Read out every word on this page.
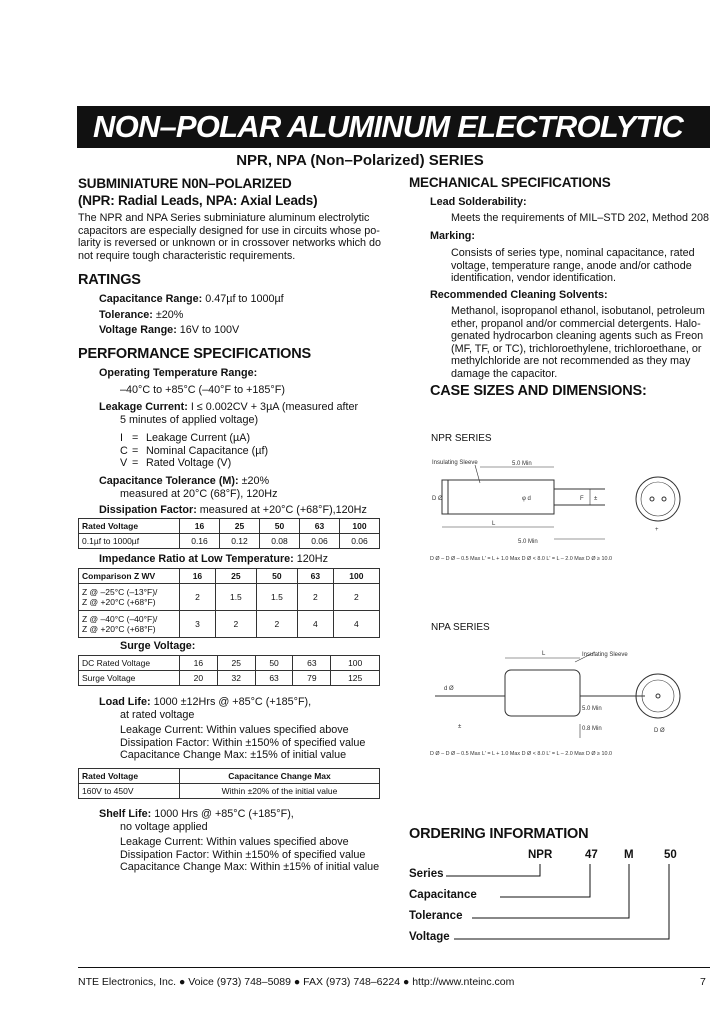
NON–POLAR ALUMINUM ELECTROLYTIC
NPR, NPA (Non–Polarized) SERIES
SUBMINIATURE N0N–POLARIZED
(NPR: Radial Leads, NPA: Axial Leads)
The NPR and NPA Series subminiature aluminum electrolytic
capacitors are especially designed for use in circuits whose po-
larity is reversed or unknown or in crossover networks which do
not require tough characteristic requirements.
RATINGS
Capacitance Range: 0.47µf to 1000µf
Tolerance: ±20%
Voltage Range: 16V to 100V
PERFORMANCE SPECIFICATIONS
Operating Temperature Range:
–40°C to +85°C (–40°F to +185°F)
Leakage Current: I ≤ 0.002CV + 3µA (measured after
5 minutes of applied voltage)
I = Leakage Current (µA)
C = Nominal Capacitance (µf)
V = Rated Voltage (V)
Capacitance Tolerance (M): ±20%
measured at 20°C (68°F), 120Hz
Dissipation Factor: measured at +20°C (+68°F),120Hz
Rated Voltage	16	25	50	63	100
0.1µf to 1000µf	0.16	0.12	0.08	0.06	0.06
Impedance Ratio at Low Temperature: 120Hz
Comparison Z WV	16	25	50	63	100

Z @ –25°C (–13°F)/
Z @ +20°C (+68°F)	2	1.5	1.5	2	2

Z @ –40°C (–40°F)/
Z @ +20°C (+68°F)	3	2	2	4	4
Surge Voltage:
DC Rated Voltage	16	25	50	63	100
Surge Voltage	20	32	63	79	125
Load Life: 1000 ±12Hrs @ +85°C (+185°F),
at rated voltage
Leakage Current: Within values specified above
Dissipation Factor: Within ±150% of specified value
Capacitance Change Max: ±15% of initial value
Rated Voltage	Capacitance Change Max
160V to 450V	Within ±20% of the initial value
Shelf Life: 1000 Hrs @ +85°C (+185°F),
no voltage applied
Leakage Current: Within values specified above
Dissipation Factor: Within ±150% of specified value
Capacitance Change Max: Within ±15% of initial value
MECHANICAL SPECIFICATIONS
Lead Solderability:
Meets the requirements of MIL–STD 202, Method 208
Marking:
Consists of series type, nominal capacitance, rated
voltage, temperature range, anode and/or cathode
identification, vendor identification.
Recommended Cleaning Solvents:
Methanol, isopropanol ethanol, isobutanol, petroleum
ether, propanol and/or commercial detergents. Halo-
genated hydrocarbon cleaning agents such as Freon
(MF, TF, or TC), trichloroethylene, trichloroethane, or
methylchloride are not recommended as they may
damage the capacitor.
CASE SIZES AND DIMENSIONS:
NPR SERIES
Insulating Sleeve	5.0 Min
5.0 Min
D Ø
L
F ±
φ d
+
D Ø – D Ø – 0.5 Max L' = L + 1.0 Max D Ø < 8.0 L' = L – 2.0 Max D Ø ≥ 10.0
NPA SERIES
Insulating Sleeve
L
d Ø
5.0 Min
0.8 Min
±
D Ø
D Ø – D Ø – 0.5 Max L' = L + 1.0 Max D Ø < 8.0 L' = L – 2.0 Max D Ø ≥ 10.0
ORDERING INFORMATION
NPR	47 M	50
Series
Capacitance
Tolerance
Voltage
NTE Electronics, Inc. ● Voice (973) 748–5089 ● FAX (973) 748–6224 ● http://www.nteinc.com	7
